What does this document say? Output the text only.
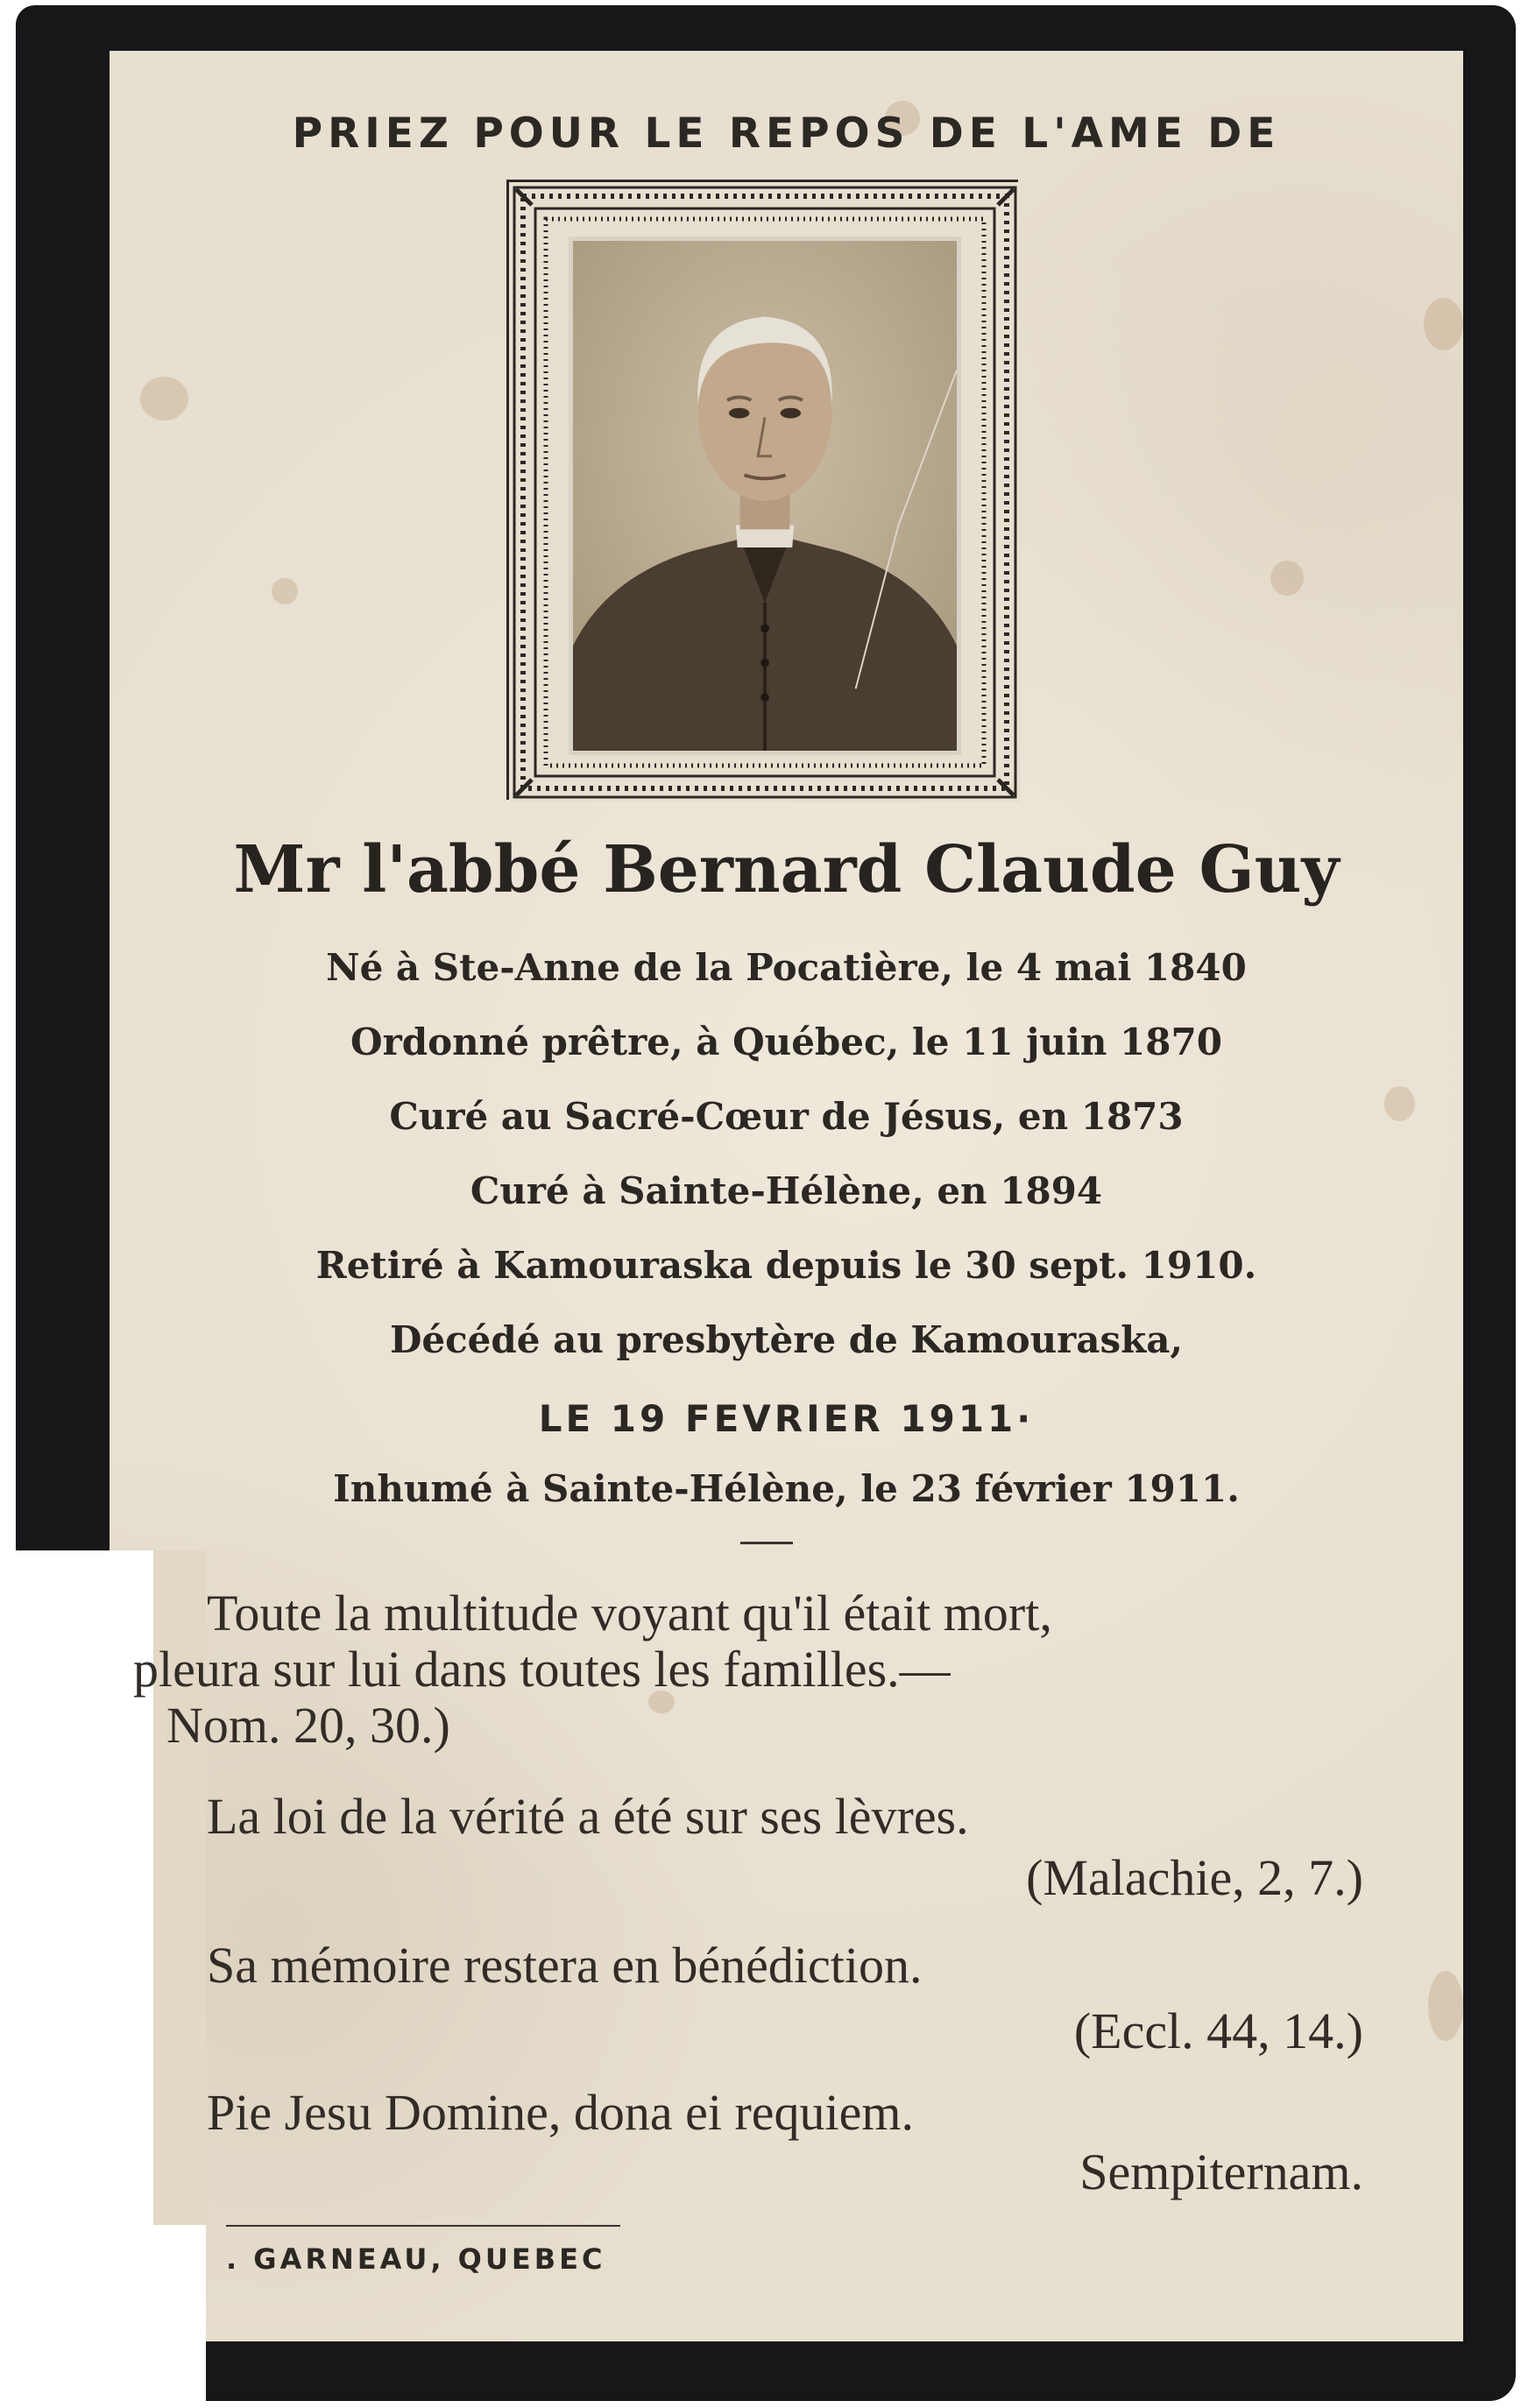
PRIEZ POUR LE REPOS DE L'AME DE
Mr l'abbé Bernard Claude Guy

Né à Ste-Anne de la Pocatière, le 4 mai 1840

Ordonné prêtre, à Québec, le 11 juin 1870

Curé au Sacré-Cœur de Jésus, en 1873

Curé à Sainte-Hélène, en 1894

Retiré à Kamouraska depuis le 30 sept. 1910.

Décédé au presbytère de Kamouraska,

LE 19 FEVRIER 1911·

Inhumé à Sainte-Hélène, le 23 février 1911.

Toute la multitude voyant qu'il était mort,

pleura sur lui dans toutes les familles.—

Nom. 20, 30.)

La loi de la vérité a été sur ses lèvres.

(Malachie, 2, 7.)

Sa mémoire restera en bénédiction.

(Eccl. 44, 14.)

Pie Jesu Domine, dona ei requiem.

Sempiternam.

. GARNEAU, QUEBEC
